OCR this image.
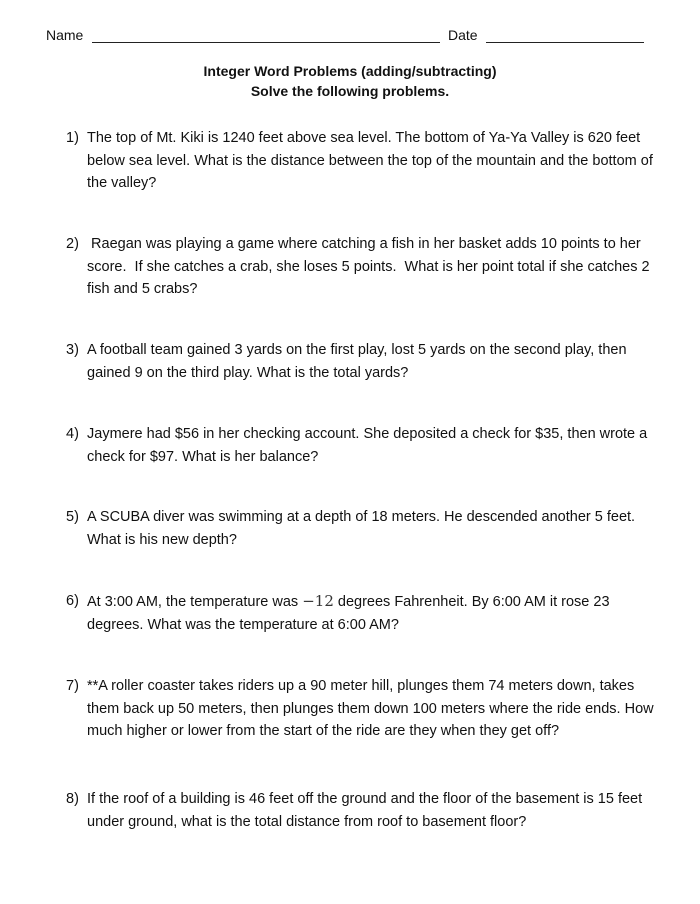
Name	Date
Integer Word Problems (adding/subtracting)
Solve the following problems.
1) The top of Mt. Kiki is 1240 feet above sea level. The bottom of Ya-Ya Valley is 620 feet below sea level. What is the distance between the top of the mountain and the bottom of the valley?
2) Raegan was playing a game where catching a fish in her basket adds 10 points to her score.  If she catches a crab, she loses 5 points.  What is her point total if she catches 2 fish and 5 crabs?
3) A football team gained 3 yards on the first play, lost 5 yards on the second play, then gained 9 on the third play. What is the total yards?
4) Jaymere had $56 in her checking account. She deposited a check for $35, then wrote a check for $97. What is her balance?
5) A SCUBA diver was swimming at a depth of 18 meters. He descended another 5 feet. What is his new depth?
6) At 3:00 AM, the temperature was −12 degrees Fahrenheit. By 6:00 AM it rose 23 degrees. What was the temperature at 6:00 AM?
7) **A roller coaster takes riders up a 90 meter hill, plunges them 74 meters down, takes them back up 50 meters, then plunges them down 100 meters where the ride ends. How much higher or lower from the start of the ride are they when they get off?
8) If the roof of a building is 46 feet off the ground and the floor of the basement is 15 feet under ground, what is the total distance from roof to basement floor?
